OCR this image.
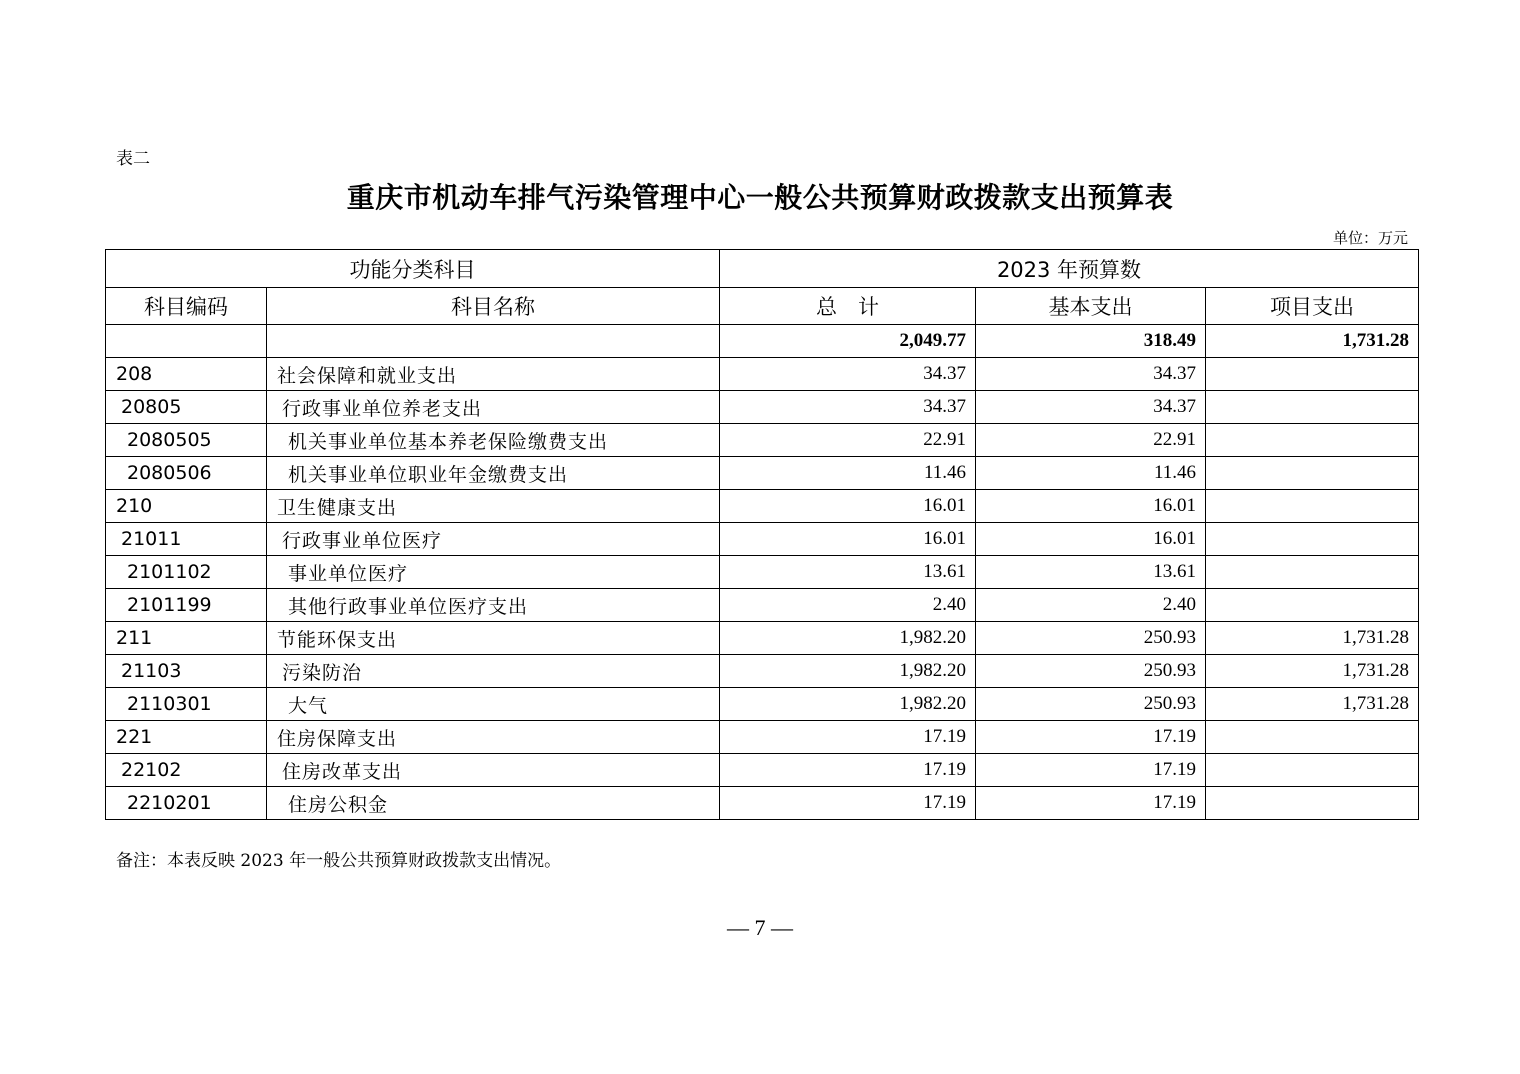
表二
重庆市机动车排气污染管理中心一般公共预算财政拨款支出预算表
单位：万元
功能分类科目		2023 年预算数		
科目编码	科目名称	总　计	基本支出	项目支出
		2,049.77	318.49	1,731.28
208	社会保障和就业支出	34.37	34.37	
20805	行政事业单位养老支出	34.37	34.37	
2080505	机关事业单位基本养老保险缴费支出	22.91	22.91	
2080506	机关事业单位职业年金缴费支出	11.46	11.46	
210	卫生健康支出	16.01	16.01	
21011	行政事业单位医疗	16.01	16.01	
2101102	事业单位医疗	13.61	13.61	
2101199	其他行政事业单位医疗支出	2.40	2.40	
211	节能环保支出	1,982.20	250.93	1,731.28
21103	污染防治	1,982.20	250.93	1,731.28
2110301	大气	1,982.20	250.93	1,731.28
221	住房保障支出	17.19	17.19	
22102	住房改革支出	17.19	17.19	
2210201	住房公积金	17.19	17.19	
备注：本表反映 2023 年一般公共预算财政拨款支出情况。
— 7 —
